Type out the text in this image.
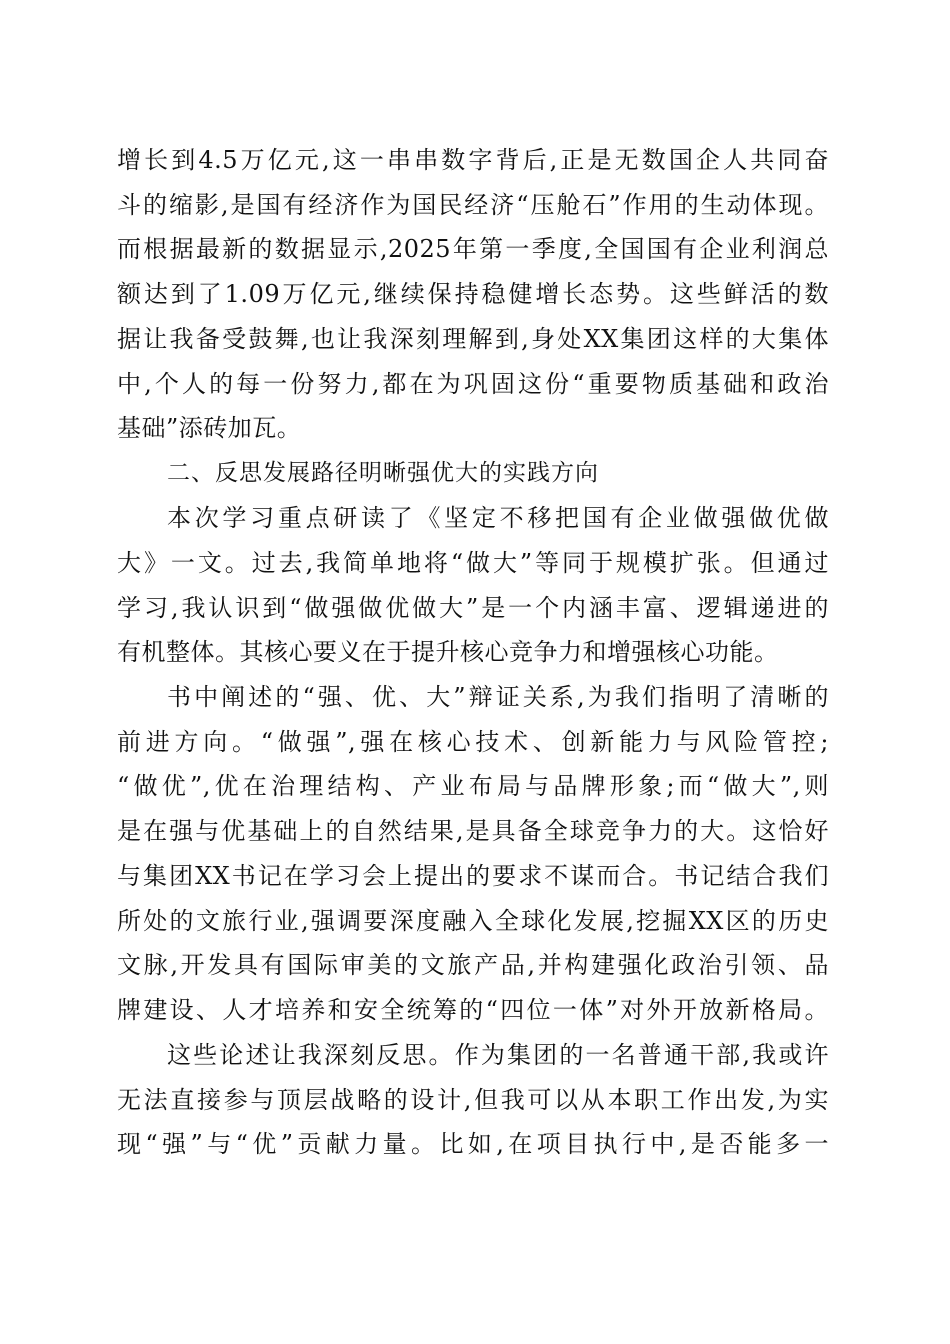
增长到4.5万亿元,这一串串数字背后,正是无数国企人共同奋
斗的缩影,是国有经济作为国民经济“压舱石”作用的生动体现。
而根据最新的数据显示,2025年第一季度,全国国有企业利润总
额达到了1.09万亿元,继续保持稳健增长态势。这些鲜活的数
据让我备受鼓舞,也让我深刻理解到,身处XX集团这样的大集体
中,个人的每一份努力,都在为巩固这份“重要物质基础和政治
基础”添砖加瓦。
二、反思发展路径明晰强优大的实践方向
本次学习重点研读了《坚定不移把国有企业做强做优做
大》一文。过去,我简单地将“做大”等同于规模扩张。但通过
学习,我认识到“做强做优做大”是一个内涵丰富、逻辑递进的
有机整体。其核心要义在于提升核心竞争力和增强核心功能。
书中阐述的“强、优、大”辩证关系,为我们指明了清晰的
前进方向。“做强”,强在核心技术、创新能力与风险管控;
“做优”,优在治理结构、产业布局与品牌形象;而“做大”,则
是在强与优基础上的自然结果,是具备全球竞争力的大。这恰好
与集团XX书记在学习会上提出的要求不谋而合。书记结合我们
所处的文旅行业,强调要深度融入全球化发展,挖掘XX区的历史
文脉,开发具有国际审美的文旅产品,并构建强化政治引领、品
牌建设、人才培养和安全统筹的“四位一体”对外开放新格局。
这些论述让我深刻反思。作为集团的一名普通干部,我或许
无法直接参与顶层战略的设计,但我可以从本职工作出发,为实
现“强”与“优”贡献力量。比如,在项目执行中,是否能多一
